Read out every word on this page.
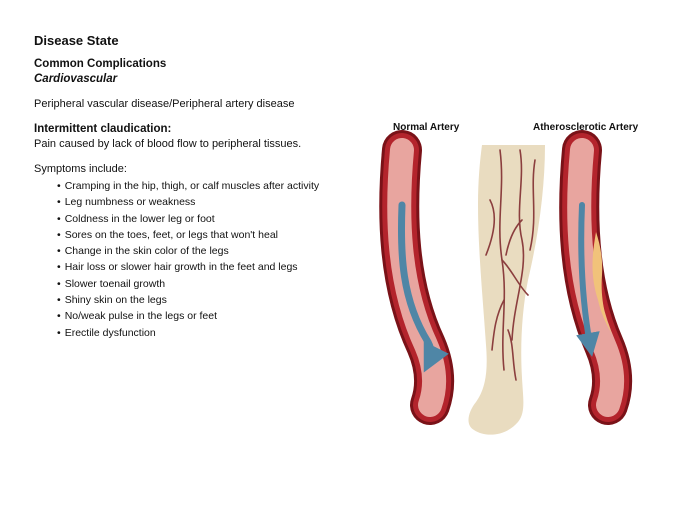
Disease State
Common Complications
Cardiovascular
Peripheral vascular disease/Peripheral artery disease
Intermittent claudication:
Pain caused by lack of blood flow to peripheral tissues.
Symptoms include:
• Cramping in the hip, thigh, or calf muscles after activity
• Leg numbness or weakness
• Coldness in the lower leg or foot
• Sores on the toes, feet, or legs that won't heal
• Change in the skin color of the legs
• Hair loss or slower hair growth in the feet and legs
• Slower toenail growth
• Shiny skin on the legs
• No/weak pulse in the legs or feet
• Erectile dysfunction
Normal Artery	Atherosclerotic Artery
